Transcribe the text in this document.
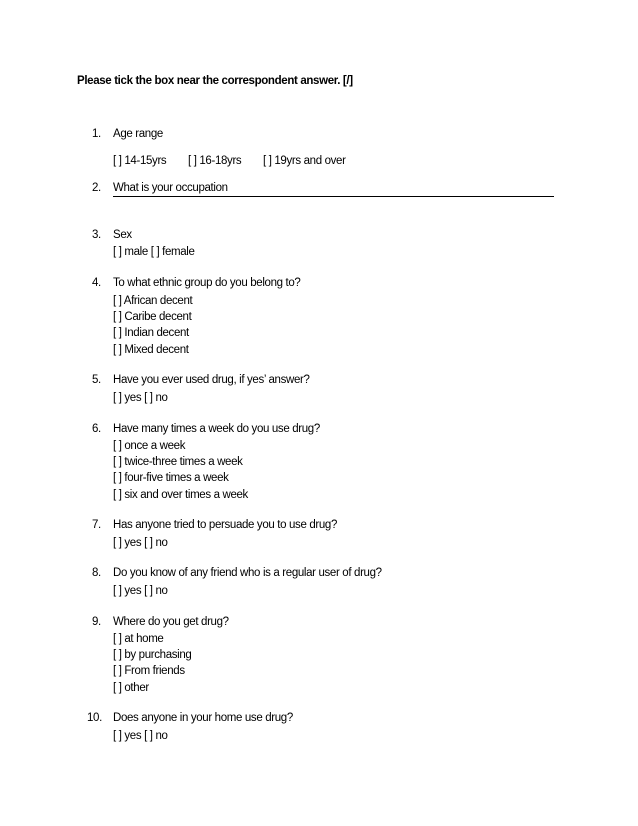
Please tick the box near the correspondent answer. [/]
1. Age range
[ ] 14-15yrs [ ] 16-18yrs [ ] 19yrs and over
2. What is your occupation
3. Sex
[ ] male [ ] female
4. To what ethnic group do you belong to?
[ ] African decent
[ ] Caribe decent
[ ] Indian decent
[ ] Mixed decent
5. Have you ever used drug, if yes’ answer?
[ ] yes [ ] no
6. Have many times a week do you use drug?
[ ] once a week
[ ] twice-three times a week
[ ] four-five times a week
[ ] six and over times a week
7. Has anyone tried to persuade you to use drug?
[ ] yes [ ] no
8. Do you know of any friend who is a regular user of drug?
[ ] yes [ ] no
9. Where do you get drug?
[ ] at home
[ ] by purchasing
[ ] From friends
[ ] other
10. Does anyone in your home use drug?
[ ] yes [ ] no
